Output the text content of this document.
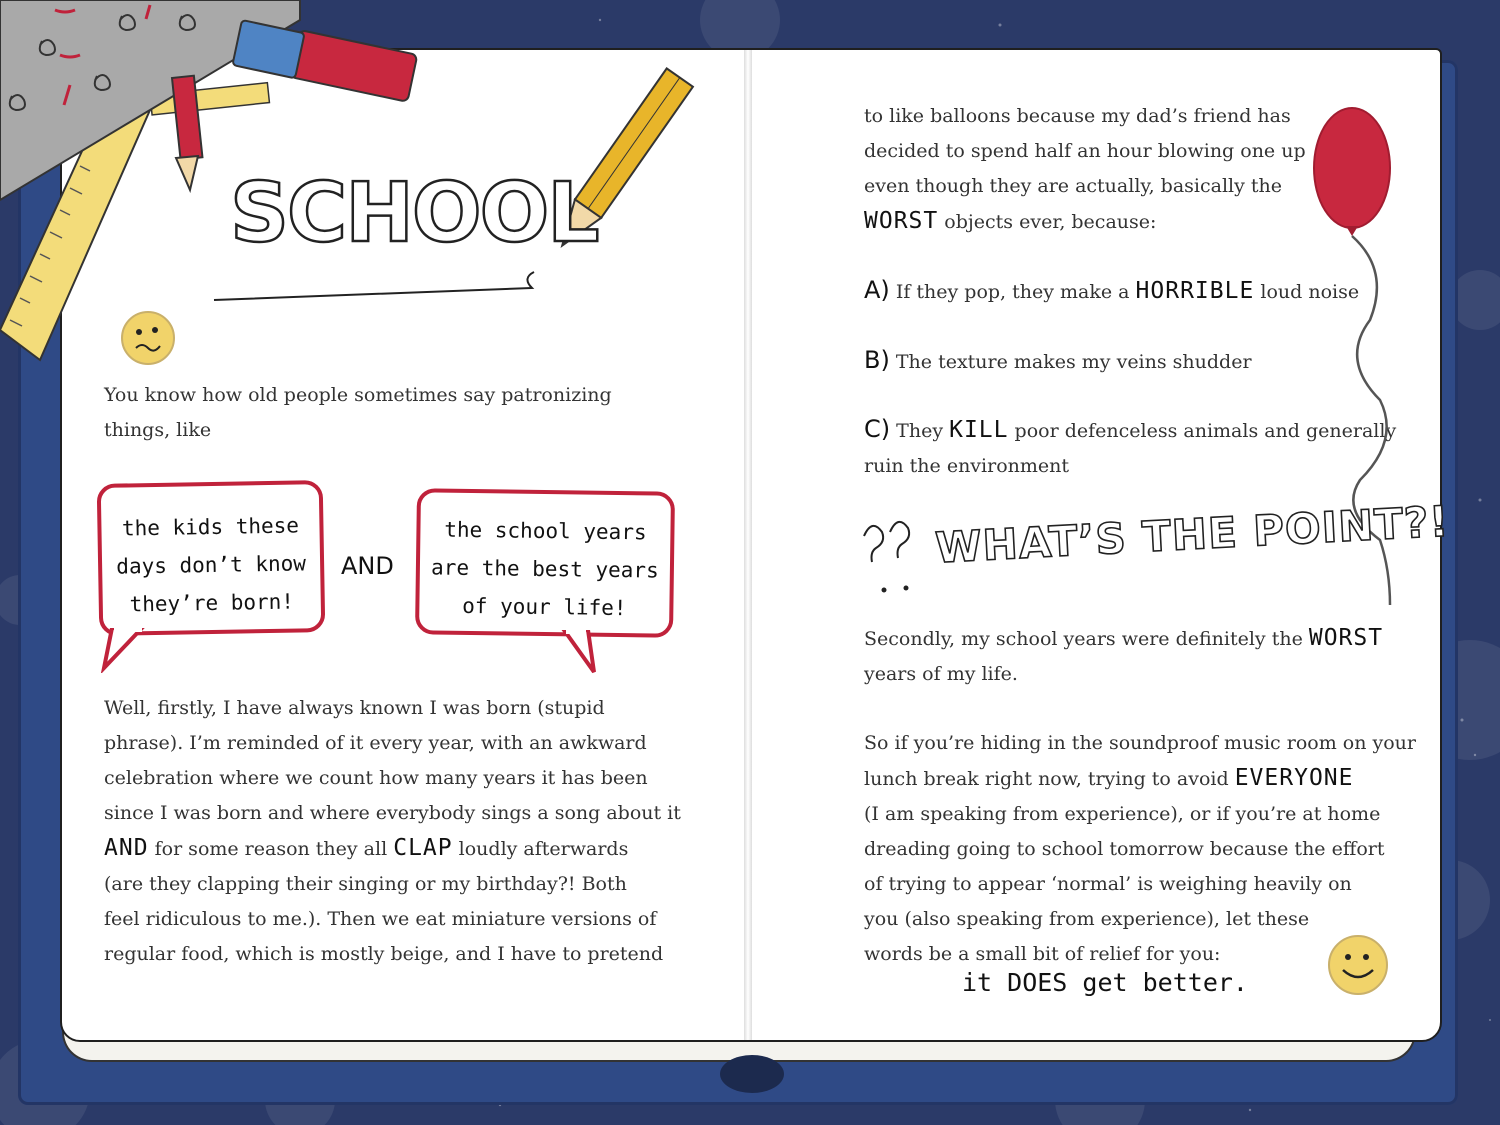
SCHOOL
You know how old people sometimes say patronizing
things, like
the kids these
days don’t know
they’re born!
AND
the school years
are the best years
of your life!
Well, firstly, I have always known I was born (stupid
phrase). I’m reminded of it every year, with an awkward
celebration where we count how many years it has been
since I was born and where everybody sings a song about it
AND for some reason they all CLAP loudly afterwards
(are they clapping their singing or my birthday?! Both
feel ridiculous to me.). Then we eat miniature versions of
regular food, which is mostly beige, and I have to pretend
to like balloons because my dad’s friend has
decided to spend half an hour blowing one up
even though they are actually, basically the
WORST objects ever, because:
A) If they pop, they make a HORRIBLE loud noise
B) The texture makes my veins shudder
C) They KILL poor defenceless animals and generally
ruin the environment
WHAT’S THE POINT?!
Secondly, my school years were definitely the WORST
years of my life.
So if you’re hiding in the soundproof music room on your
lunch break right now, trying to avoid EVERYONE
(I am speaking from experience), or if you’re at home
dreading going to school tomorrow because the effort
of trying to appear ‘normal’ is weighing heavily on
you (also speaking from experience), let these
words be a small bit of relief for you:
it DOES get better.
